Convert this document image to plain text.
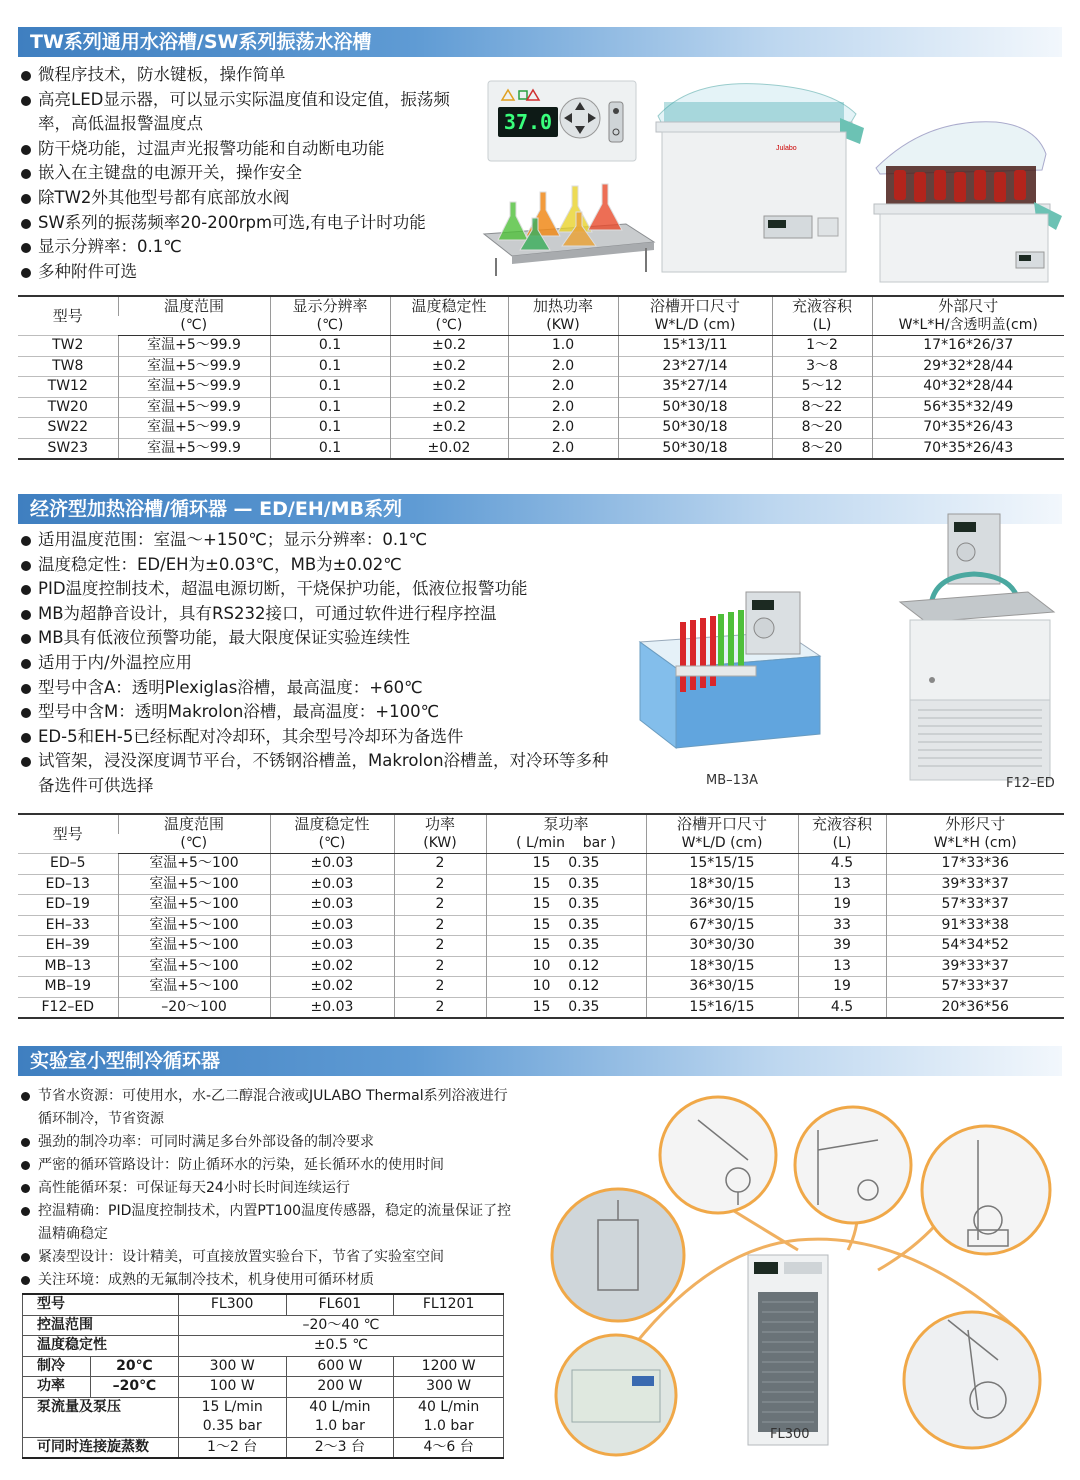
TW系列通用水浴槽/SW系列振荡水浴槽
微程序技术，防水键板，操作简单
高亮LED显示器，可以显示实际温度值和设定值，振荡频率，高低温报警温度点
防干烧功能，过温声光报警功能和自动断电功能
嵌入在主键盘的电源开关，操作安全
除TW2外其他型号都有底部放水阀
SW系列的振荡频率20-200rpm可选,有电子计时功能
显示分辨率：0.1℃
多种附件可选
37.0
Julabo
型号	温度范围	显示分辨率	温度稳定性	加热功率	浴槽开口尺寸	充液容积	外部尺寸
	(℃)	(℃)	(℃)	(KW)	W*L/D (cm)	(L)	W*L*H/含透明盖(cm)
TW2	室温+5～99.9	0.1	±0.2	1.0	15*13/11	1～2	17*16*26/37
TW8	室温+5～99.9	0.1	±0.2	2.0	23*27/14	3～8	29*32*28/44
TW12	室温+5～99.9	0.1	±0.2	2.0	35*27/14	5～12	40*32*28/44
TW20	室温+5～99.9	0.1	±0.2	2.0	50*30/18	8～22	56*35*32/49
SW22	室温+5～99.9	0.1	±0.2	2.0	50*30/18	8～20	70*35*26/43
SW23	室温+5～99.9	0.1	±0.02	2.0	50*30/18	8～20	70*35*26/43
经济型加热浴槽/循环器 — ED/EH/MB系列
适用温度范围：室温～+150℃；显示分辨率：0.1℃
温度稳定性：ED/EH为±0.03℃，MB为±0.02℃
PID温度控制技术，超温电源切断，干烧保护功能，低液位报警功能
MB为超静音设计，具有RS232接口，可通过软件进行程序控温
MB具有低液位预警功能，最大限度保证实验连续性
适用于内/外温控应用
型号中含A：透明Plexiglas浴槽，最高温度：+60℃
型号中含M：透明Makrolon浴槽，最高温度：+100℃
ED-5和EH-5已经标配对冷却环，其余型号冷却环为备选件
试管架，浸没深度调节平台，不锈钢浴槽盖，Makrolon浴槽盖，对冷环等多种备选件可供选择	MB–13A	F12–ED
型号	温度范围	温度稳定性	功率	泵功率	浴槽开口尺寸	充液容积	外形尺寸
	(℃)	(℃)	(KW)	( L/min    bar )	W*L/D (cm)	(L)	W*L*H (cm)
ED–5	室温+5～100	±0.03	2	15    0.35	15*15/15	4.5	17*33*36
ED–13	室温+5～100	±0.03	2	15    0.35	18*30/15	13	39*33*37
ED–19	室温+5～100	±0.03	2	15    0.35	36*30/15	19	57*33*37
EH–33	室温+5～100	±0.03	2	15    0.35	67*30/15	33	91*33*38
EH–39	室温+5～100	±0.03	2	15    0.35	30*30/30	39	54*34*52
MB–13	室温+5～100	±0.02	2	10    0.12	18*30/15	13	39*33*37
MB–19	室温+5～100	±0.02	2	10    0.12	36*30/15	19	57*33*37
F12–ED	–20～100	±0.03	2	15    0.35	15*16/15	4.5	20*36*56
实验室小型制冷循环器
节省水资源：可使用水，水-乙二醇混合液或JULABO Thermal系列浴液进行循环制冷，节省资源
强劲的制冷功率：可同时满足多台外部设备的制冷要求
严密的循环管路设计：防止循环水的污染，延长循环水的使用时间
高性能循环泵：可保证每天24小时长时间连续运行
控温精确：PID温度控制技术，内置PT100温度传感器，稳定的流量保证了控温精确稳定
紧凑型设计：设计精美，可直接放置实验台下，节省了实验室空间
关注环境：成熟的无氟制冷技术，机身使用可循环材质
型号		FL300	FL601	FL1201
控温范围		–20～40 ℃		
温度稳定性		±0.5 ℃		
制冷	20℃	300 W	600 W	1200 W
功率	–20℃	100 W	200 W	300 W
泵流量及泵压		15 L/min	40 L/min	40 L/min
		0.35 bar	1.0 bar	1.0 bar
可同时连接旋蒸数		1～2 台	2～3 台	4～6 台
FL300
